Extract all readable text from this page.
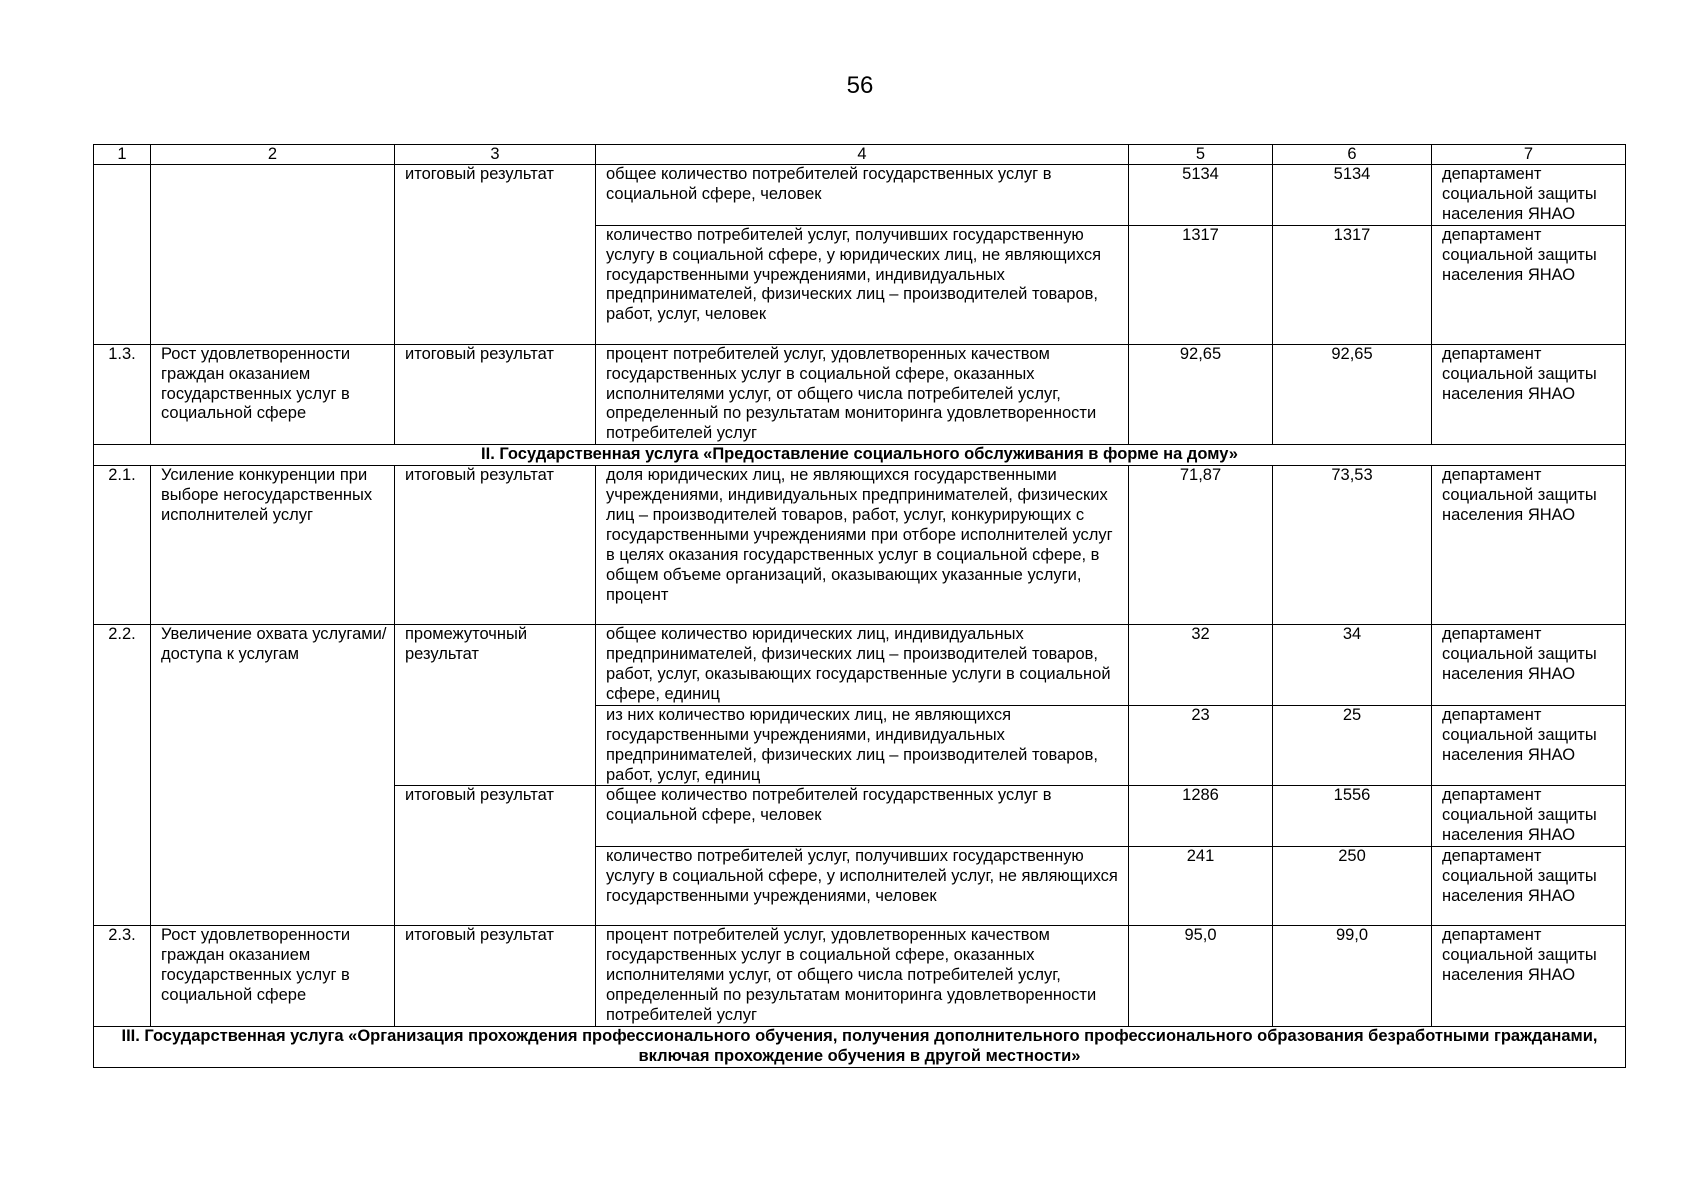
56
1	2	3	4	5	6	7
		итоговый результат	общее количество потребителей государственных услуг в социальной сфере, человек	5134	5134	департамент социальной защиты населения ЯНАО
			количество потребителей услуг, получивших государственную услугу в социальной сфере, у юридических лиц, не являющихся государственными учреждениями, индивидуальных предпринимателей, физических лиц – производителей товаров, работ, услуг, человек	1317	1317	департамент социальной защиты населения ЯНАО
1.3.	Рост удовлетворенности граждан оказанием государственных услуг в социальной сфере	итоговый результат	процент потребителей услуг, удовлетворенных качеством государственных услуг в социальной сфере, оказанных исполнителями услуг, от общего числа потребителей услуг, определенный по результатам мониторинга удовлетворенности потребителей услуг	92,65	92,65	департамент социальной защиты населения ЯНАО
II. Государственная услуга «Предоставление социального обслуживания в форме на дому»						
2.1.	Усиление конкуренции при выборе негосударственных исполнителей услуг	итоговый результат	доля юридических лиц, не являющихся государственными учреждениями, индивидуальных предпринимателей, физических лиц – производителей товаров, работ, услуг, конкурирующих с государственными учреждениями при отборе исполнителей услуг в целях оказания государственных услуг в социальной сфере, в общем объеме организаций, оказывающих указанные услуги, процент	71,87	73,53	департамент социальной защиты населения ЯНАО
2.2.	Увеличение охвата услугами/доступа к услугам	промежуточный результат	общее количество юридических лиц, индивидуальных предпринимателей, физических лиц – производителей товаров, работ, услуг, оказывающих государственные услуги в социальной сфере, единиц	32	34	департамент социальной защиты населения ЯНАО
			из них количество юридических лиц, не являющихся государственными учреждениями, индивидуальных предпринимателей, физических лиц – производителей товаров, работ, услуг, единиц	23	25	департамент социальной защиты населения ЯНАО
		итоговый результат	общее количество потребителей государственных услуг в социальной сфере, человек	1286	1556	департамент социальной защиты населения ЯНАО
			количество потребителей услуг, получивших государственную услугу в социальной сфере, у исполнителей услуг, не являющихся государственными учреждениями, человек	241	250	департамент социальной защиты населения ЯНАО
2.3.	Рост удовлетворенности граждан оказанием государственных услуг в социальной сфере	итоговый результат	процент потребителей услуг, удовлетворенных качеством государственных услуг в социальной сфере, оказанных исполнителями услуг, от общего числа потребителей услуг, определенный по результатам мониторинга удовлетворенности потребителей услуг	95,0	99,0	департамент социальной защиты населения ЯНАО
III. Государственная услуга «Организация прохождения профессионального обучения, получения дополнительного профессионального образования безработными гражданами, включая прохождение обучения в другой местности»						
